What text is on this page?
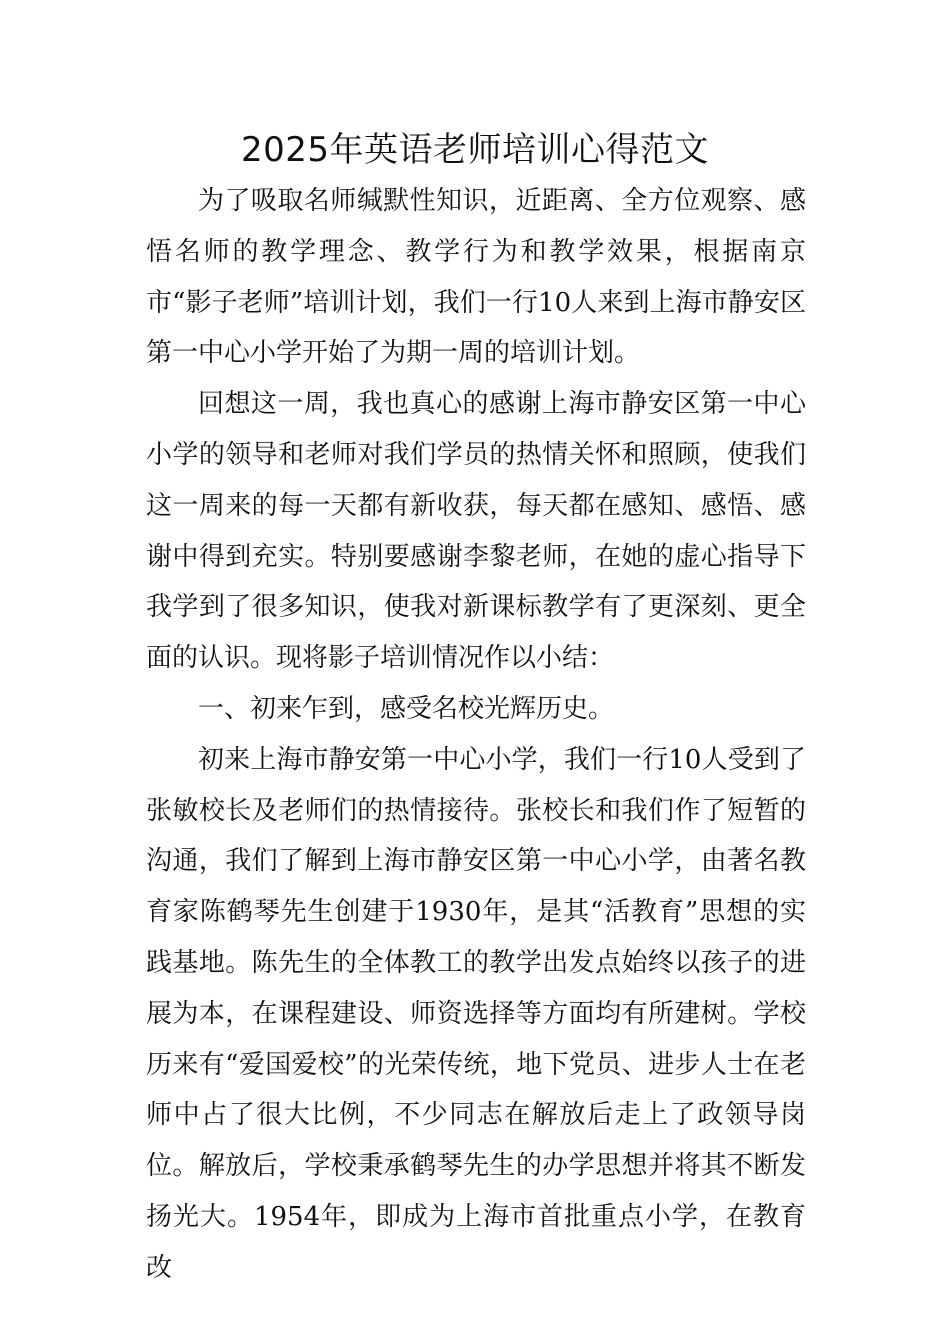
2025年英语老师培训心得范文

为了吸取名师缄默性知识，近距离、全方位观察、感悟名师的教学理念、教学行为和教学效果，根据南京市“影子老师”培训计划，我们一行10人来到上海市静安区第一中心小学开始了为期一周的培训计划。

回想这一周，我也真心的感谢上海市静安区第一中心小学的领导和老师对我们学员的热情关怀和照顾，使我们这一周来的每一天都有新收获，每天都在感知、感悟、感谢中得到充实。特别要感谢李黎老师，在她的虚心指导下我学到了很多知识，使我对新课标教学有了更深刻、更全面的认识。现将影子培训情况作以小结：

一、初来乍到，感受名校光辉历史。

初来上海市静安第一中心小学，我们一行10人受到了张敏校长及老师们的热情接待。张校长和我们作了短暂的沟通，我们了解到上海市静安区第一中心小学，由著名教育家陈鹤琴先生创建于1930年，是其“活教育”思想的实践基地。陈先生的全体教工的教学出发点始终以孩子的进展为本，在课程建设、师资选择等方面均有所建树。学校历来有“爱国爱校”的光荣传统，地下党员、进步人士在老师中占了很大比例，不少同志在解放后走上了政领导岗位。解放后，学校秉承鹤琴先生的办学思想并将其不断发扬光大。1954年，即成为上海市首批重点小学，在教育改
